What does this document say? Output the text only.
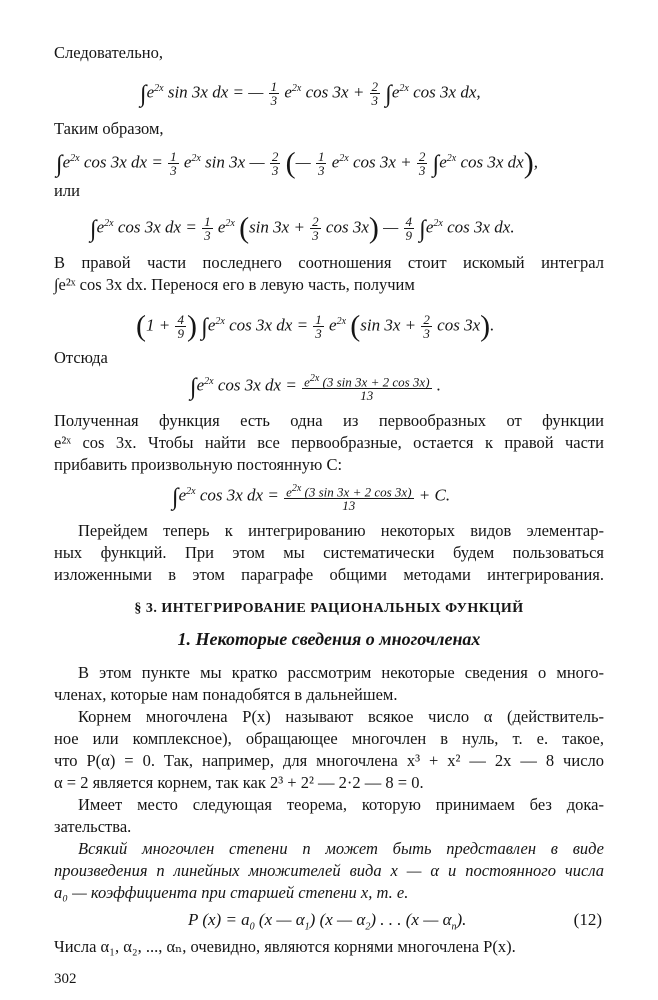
Следовательно,
$\int e^{2x}$ sin 3x dx = — $\frac{1}{3} e^{2x}$ $\cos 3x + \frac{2}{3} \int e^{2x}$ cos 3x dx,
Таким образом,
$\int e^{2x}$ cos 3x dx = $\frac{1}{3} e^{2x}$ sin 3x — $\frac{2}{3}$ (— $\frac{1}{3} e^{2x}$ $\cos 3x + \frac{2}{3} \int e^{2x}$ cos 3x dx),
или
$\int e^{2x}$ cos 3x dx = $\frac{1}{3} e^{2x}$ (sin $3x + \frac{2}{3}$ cos 3x) — $\frac{4}{9} \int e^{2x}$ cos 3x dx.
В правой части последнего соотношения стоит искомый интеграл
∫e²ˣ cos 3x dx. Перенося его в левую часть, получим
($1 + \frac{4}{9}$ ) $\int e^{2x}$ cos 3x dx = $\frac{1}{3} e^{2x}$ (sin $3x + \frac{2}{3}$ cos 3x).
Отсюда
$\int e^{2x}$ cos 3x dx = $\frac{e^{2x} (3 \sin 3x + 2 \cos 3x)}{13}$ .
Полученная функция есть одна из первообразных от функции
e²ˣ cos 3x. Чтобы найти все первообразные, остается к правой части
прибавить произвольную постоянную C:
$\int e^{2x}$ cos 3x dx = $\frac{e^{2x} (3 \sin 3x + 2 \cos 3x)}{13} + C$.
Перейдем теперь к интегрированию некоторых видов элементар-
ных функций. При этом мы систематически будем пользоваться
изложенными в этом параграфе общими методами интегрирования.
§ 3. ИНТЕГРИРОВАНИЕ РАЦИОНАЛЬНЫХ ФУНКЦИЙ
1. Некоторые сведения о многочленах
В этом пункте мы кратко рассмотрим некоторые сведения о много-
членах, которые нам понадобятся в дальнейшем.
Корнем многочлена P(x) называют всякое число α (действитель-
ное или комплексное), обращающее многочлен в нуль, т. е. такое,
что P(α) = 0. Так, например, для многочлена x³ + x² — 2x — 8 число
α = 2 является корнем, так как 2³ + 2² — 2·2 — 8 = 0.
Имеет место следующая теорема, которую принимаем без дока-
зательства.
Всякий многочлен степени n может быть представлен в виде
произведения n линейных множителей вида x — α и постоянного числа
a₀ — коэффициента при старшей степени x, т. е.
P $(x) = a_0$ (x — $\alpha_1$) (x — $\alpha_2$) . . . (x — $\alpha_n$).	(12)
Числа α₁, α₂, ..., αₙ, очевидно, являются корнями многочлена P(x).
302
